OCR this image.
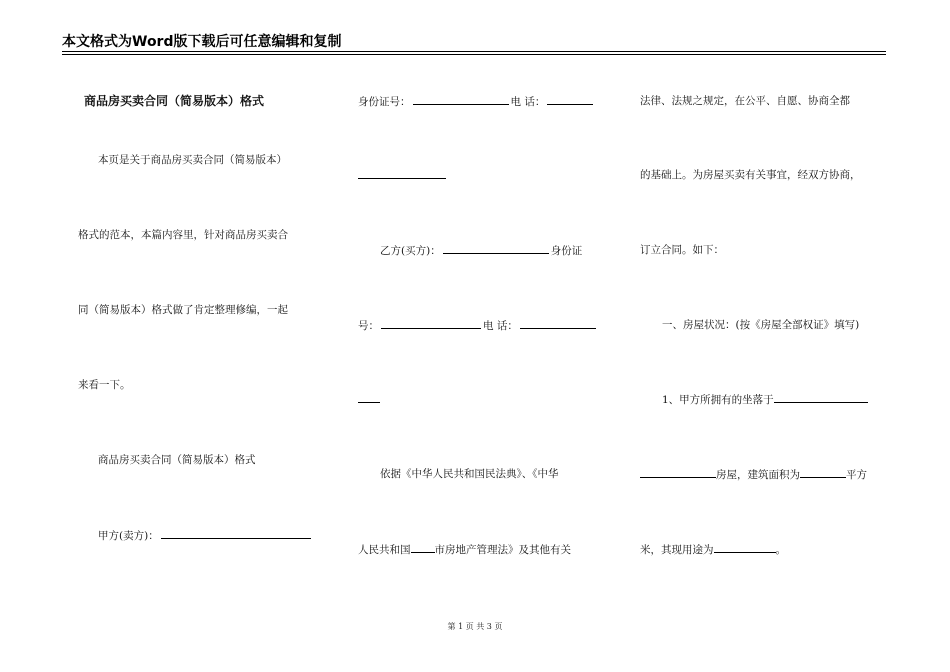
本文格式为Word版下载后可任意编辑和复制
商品房买卖合同（简易版本）格式
本页是关于商品房买卖合同（简易版本）
格式的范本，本篇内容里，针对商品房买卖合
同（简易版本）格式做了肯定整理修编，一起
来看一下。
商品房买卖合同（简易版本）格式
甲方(卖方)：
身份证号：	电 话：
乙方(买方)：	身份证
号：	电 话：
依据《中华人民共和国民法典》、《中华
人民共和国 市房地产管理法》及其他有关
法律、法规之规定，在公平、自愿、协商全都
的基础上。为房屋买卖有关事宜，经双方协商，
订立合同。如下：
一、房屋状况：(按《房屋全部权证》填写)
1、甲方所拥有的坐落于
房屋，建筑面积为	平方
米，其现用途为	。
第 1 页 共 3 页
